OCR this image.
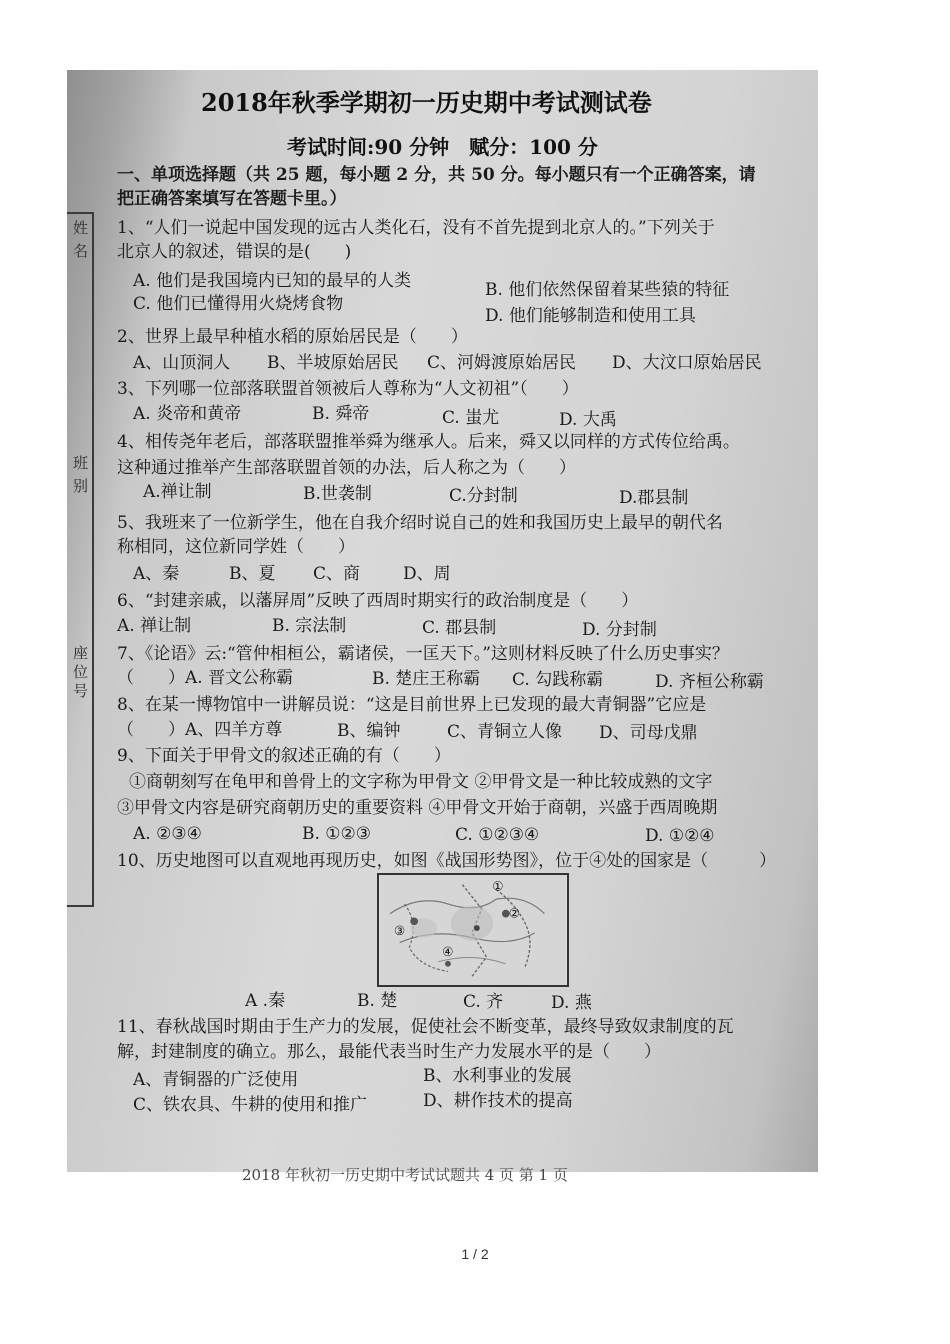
姓名
班别
座位号
2018年秋季学期初一历史期中考试测试卷
考试时间:90 分钟　赋分：100 分
一、单项选择题（共 25 题，每小题 2 分，共 50 分。每小题只有一个正确答案，请
把正确答案填写在答题卡里。）
1、“人们一说起中国发现的远古人类化石，没有不首先提到北京人的。”下列关于
北京人的叙述，错误的是(　　)
A. 他们是我国境内已知的最早的人类	B. 他们依然保留着某些猿的特征
C. 他们已懂得用火烧烤食物
D. 他们能够制造和使用工具
2、世界上最早种植水稻的原始居民是（　　）
A、山顶洞人 B、半坡原始居民 C、河姆渡原始居民 D、大汶口原始居民
3、下列哪一位部落联盟首领被后人尊称为“人文初祖”（　　）
A. 炎帝和黄帝	B. 舜帝	C. 蚩尤	D. 大禹
4、相传尧年老后，部落联盟推举舜为继承人。后来，舜又以同样的方式传位给禹。
这种通过推举产生部落联盟首领的办法，后人称之为（　　）
A.禅让制	B.世袭制	C.分封制	D.郡县制
5、我班来了一位新学生，他在自我介绍时说自己的姓和我国历史上最早的朝代名
称相同，这位新同学姓（　　）
A、秦	B、夏 C、商	D、周
6、“封建亲戚，以藩屏周”反映了西周时期实行的政治制度是（　　）
A. 禅让制	B. 宗法制	C. 郡县制	D. 分封制
7、《论语》云:“管仲相桓公，霸诸侯，一匡天下。”这则材料反映了什么历史事实？
（　　）A. 晋文公称霸	B. 楚庄王称霸 C. 勾践称霸	D. 齐桓公称霸
8、在某一博物馆中一讲解员说：“这是目前世界上已发现的最大青铜器”它应是
（　　）A、四羊方尊	B、编钟	C、青铜立人像 D、司母戊鼎
9、下面关于甲骨文的叙述正确的有（　　）
①商朝刻写在龟甲和兽骨上的文字称为甲骨文 ②甲骨文是一种比较成熟的文字
③甲骨文内容是研究商朝历史的重要资料 ④甲骨文开始于商朝，兴盛于西周晚期
A. ②③④	B. ①②③	C. ①②③④	D. ①②④
10、历史地图可以直观地再现历史，如图《战国形势图》，位于④处的国家是（　　　）
①
②
③
④
A .秦	B. 楚	C. 齐	D. 燕
11、春秋战国时期由于生产力的发展，促使社会不断变革，最终导致奴隶制度的瓦
解，封建制度的确立。那么，最能代表当时生产力发展水平的是（　　）
A、青铜器的广泛使用	B、水利事业的发展
C、铁农具、牛耕的使用和推广	D、耕作技术的提高
2018 年秋初一历史期中考试试题共 4 页 第 1 页
1 / 2
